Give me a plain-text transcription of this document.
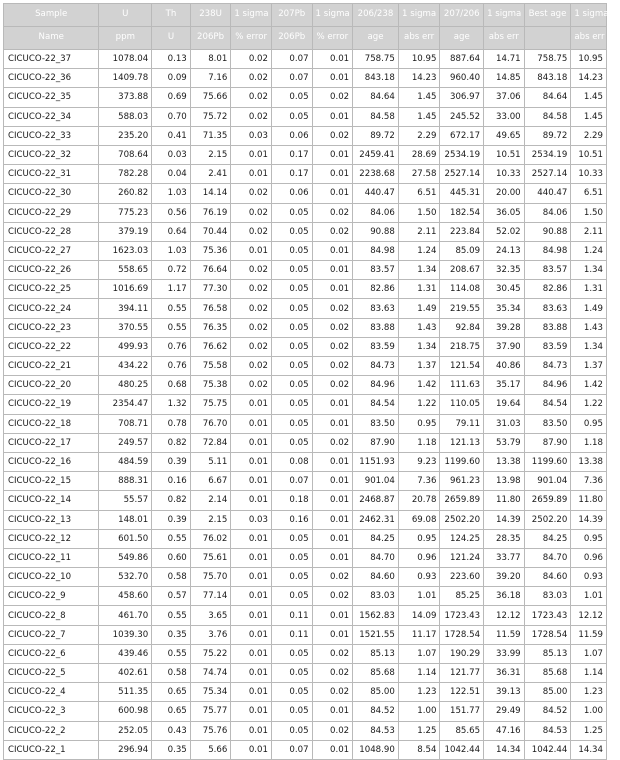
Sample	U	Th	238U	1 sigma	207Pb	1 sigma	206/238	1 sigma	207/206	1 sigma	Best age	1 sigma
Name	ppm	U	206Pb	% error	206Pb	% error	age	abs err	age	abs err		abs err Ma
CICUCO-22_37	1078.04	0.13	8.01	0.02	0.07	0.01	758.75	10.95	887.64	14.71	758.75	10.95
CICUCO-22_36	1409.78	0.09	7.16	0.02	0.07	0.01	843.18	14.23	960.40	14.85	843.18	14.23
CICUCO-22_35	373.88	0.69	75.66	0.02	0.05	0.02	84.64	1.45	306.97	37.06	84.64	1.45
CICUCO-22_34	588.03	0.70	75.72	0.02	0.05	0.01	84.58	1.45	245.52	33.00	84.58	1.45
CICUCO-22_33	235.20	0.41	71.35	0.03	0.06	0.02	89.72	2.29	672.17	49.65	89.72	2.29
CICUCO-22_32	708.64	0.03	2.15	0.01	0.17	0.01	2459.41	28.69	2534.19	10.51	2534.19	10.51
CICUCO-22_31	782.28	0.04	2.41	0.01	0.17	0.01	2238.68	27.58	2527.14	10.33	2527.14	10.33
CICUCO-22_30	260.82	1.03	14.14	0.02	0.06	0.01	440.47	6.51	445.31	20.00	440.47	6.51
CICUCO-22_29	775.23	0.56	76.19	0.02	0.05	0.02	84.06	1.50	182.54	36.05	84.06	1.50
CICUCO-22_28	379.19	0.64	70.44	0.02	0.05	0.02	90.88	2.11	223.84	52.02	90.88	2.11
CICUCO-22_27	1623.03	1.03	75.36	0.01	0.05	0.01	84.98	1.24	85.09	24.13	84.98	1.24
CICUCO-22_26	558.65	0.72	76.64	0.02	0.05	0.01	83.57	1.34	208.67	32.35	83.57	1.34
CICUCO-22_25	1016.69	1.17	77.30	0.02	0.05	0.01	82.86	1.31	114.08	30.45	82.86	1.31
CICUCO-22_24	394.11	0.55	76.58	0.02	0.05	0.02	83.63	1.49	219.55	35.34	83.63	1.49
CICUCO-22_23	370.55	0.55	76.35	0.02	0.05	0.02	83.88	1.43	92.84	39.28	83.88	1.43
CICUCO-22_22	499.93	0.76	76.62	0.02	0.05	0.02	83.59	1.34	218.75	37.90	83.59	1.34
CICUCO-22_21	434.22	0.76	75.58	0.02	0.05	0.02	84.73	1.37	121.54	40.86	84.73	1.37
CICUCO-22_20	480.25	0.68	75.38	0.02	0.05	0.02	84.96	1.42	111.63	35.17	84.96	1.42
CICUCO-22_19	2354.47	1.32	75.75	0.01	0.05	0.01	84.54	1.22	110.05	19.64	84.54	1.22
CICUCO-22_18	708.71	0.78	76.70	0.01	0.05	0.01	83.50	0.95	79.11	31.03	83.50	0.95
CICUCO-22_17	249.57	0.82	72.84	0.01	0.05	0.02	87.90	1.18	121.13	53.79	87.90	1.18
CICUCO-22_16	484.59	0.39	5.11	0.01	0.08	0.01	1151.93	9.23	1199.60	13.38	1199.60	13.38
CICUCO-22_15	888.31	0.16	6.67	0.01	0.07	0.01	901.04	7.36	961.23	13.98	901.04	7.36
CICUCO-22_14	55.57	0.82	2.14	0.01	0.18	0.01	2468.87	20.78	2659.89	11.80	2659.89	11.80
CICUCO-22_13	148.01	0.39	2.15	0.03	0.16	0.01	2462.31	69.08	2502.20	14.39	2502.20	14.39
CICUCO-22_12	601.50	0.55	76.02	0.01	0.05	0.01	84.25	0.95	124.25	28.35	84.25	0.95
CICUCO-22_11	549.86	0.60	75.61	0.01	0.05	0.01	84.70	0.96	121.24	33.77	84.70	0.96
CICUCO-22_10	532.70	0.58	75.70	0.01	0.05	0.02	84.60	0.93	223.60	39.20	84.60	0.93
CICUCO-22_9	458.60	0.57	77.14	0.01	0.05	0.02	83.03	1.01	85.25	36.18	83.03	1.01
CICUCO-22_8	461.70	0.55	3.65	0.01	0.11	0.01	1562.83	14.09	1723.43	12.12	1723.43	12.12
CICUCO-22_7	1039.30	0.35	3.76	0.01	0.11	0.01	1521.55	11.17	1728.54	11.59	1728.54	11.59
CICUCO-22_6	439.46	0.55	75.22	0.01	0.05	0.02	85.13	1.07	190.29	33.99	85.13	1.07
CICUCO-22_5	402.61	0.58	74.74	0.01	0.05	0.02	85.68	1.14	121.77	36.31	85.68	1.14
CICUCO-22_4	511.35	0.65	75.34	0.01	0.05	0.02	85.00	1.23	122.51	39.13	85.00	1.23
CICUCO-22_3	600.98	0.65	75.77	0.01	0.05	0.01	84.52	1.00	151.77	29.49	84.52	1.00
CICUCO-22_2	252.05	0.43	75.76	0.01	0.05	0.02	84.53	1.25	85.65	47.16	84.53	1.25
CICUCO-22_1	296.94	0.35	5.66	0.01	0.07	0.01	1048.90	8.54	1042.44	14.34	1042.44	14.34
